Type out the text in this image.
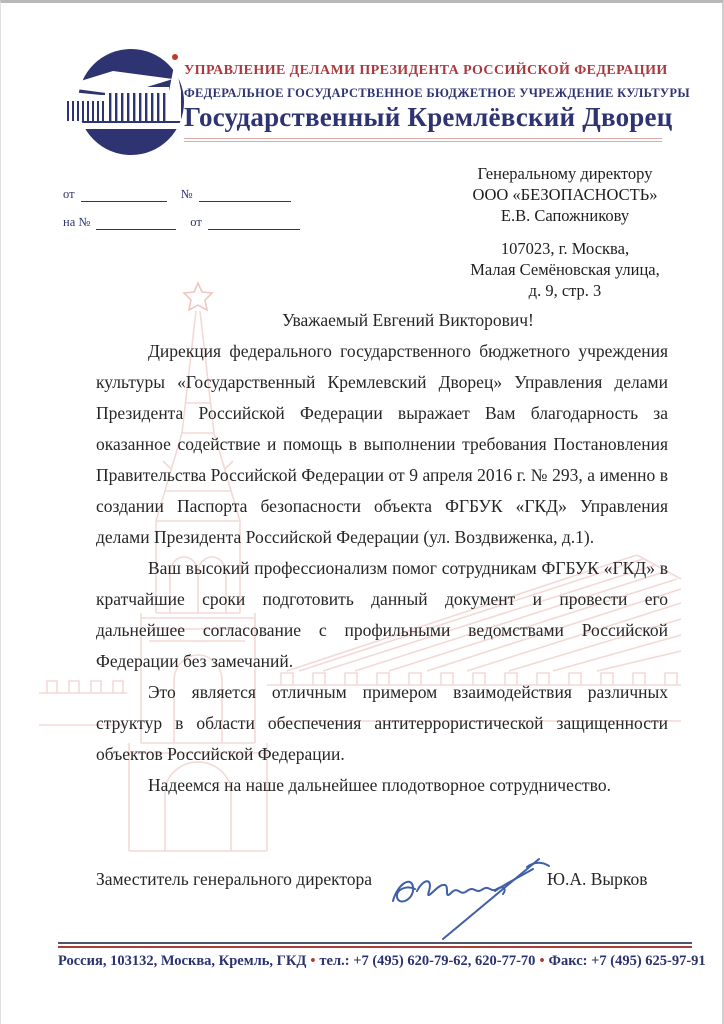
УПРАВЛЕНИЕ ДЕЛАМИ ПРЕЗИДЕНТА РОССИЙСКОЙ ФЕДЕРАЦИИ
ФЕДЕРАЛЬНОЕ ГОСУДАРСТВЕННОЕ БЮДЖЕТНОЕ УЧРЕЖДЕНИЕ КУЛЬТУРЫ
Государственный Кремлёвский Дворец
от	№
на №	от
Генеральному директору
ООО «БЕЗОПАСНОСТЬ»
Е.В. Сапожникову
107023, г. Москва,
Малая Семёновская улица,
д. 9, стр. 3

Уважаемый Евгений Викторович!

Дирекция федерального государственного бюджетного учреждения культуры «Государственный Кремлевский Дворец» Управления делами Президента Российской Федерации выражает Вам благодарность за оказанное содействие и помощь в выполнении требования Постановления Правительства Российской Федерации от 9 апреля 2016 г. № 293, а именно в создании Паспорта безопасности объекта ФГБУК «ГКД» Управления делами Президента Российской Федерации (ул. Воздвиженка, д.1).

Ваш высокий профессионализм помог сотрудникам ФГБУК «ГКД» в кратчайшие сроки подготовить данный документ и провести его дальнейшее согласование с профильными ведомствами Российской Федерации без замечаний.

Это является отличным примером взаимодействия различных структур в области обеспечения антитеррористической защищенности объектов Российской Федерации.

Надеемся на наше дальнейшее плодотворное сотрудничество.

Заместитель генерального директора	Ю.А. Вырков
Россия, 103132, Москва, Кремль, ГКД • тел.: +7 (495) 620-79-62, 620-77-70 • Факс: +7 (495) 625-97-91
